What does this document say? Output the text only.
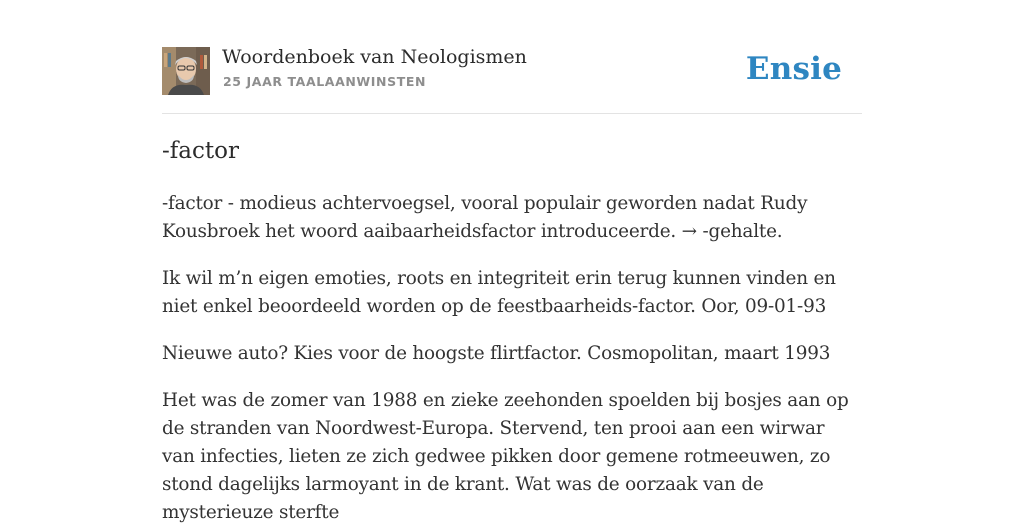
Woordenboek van Neologismen
25 JAAR TAALAANWINSTEN	Ensie
-factor

-factor - modieus achtervoegsel, vooral populair geworden nadat Rudy Kousbroek het woord aaibaarheidsfactor introduceerde. → -gehalte.

Ik wil m’n eigen emoties, roots en integriteit erin terug kunnen vinden en niet enkel beoordeeld worden op de feestbaarheids-factor. Oor, 09-01-93

Nieuwe auto? Kies voor de hoogste flirtfactor. Cosmopolitan, maart 1993

Het was de zomer van 1988 en zieke zeehonden spoelden bij bosjes aan op de stranden van Noordwest-Europa. Stervend, ten prooi aan een wirwar van infecties, lieten ze zich gedwee pikken door gemene rotmeeuwen, zo stond dagelijks larmoyant in de krant. Wat was de oorzaak van de mysterieuze sterfte
